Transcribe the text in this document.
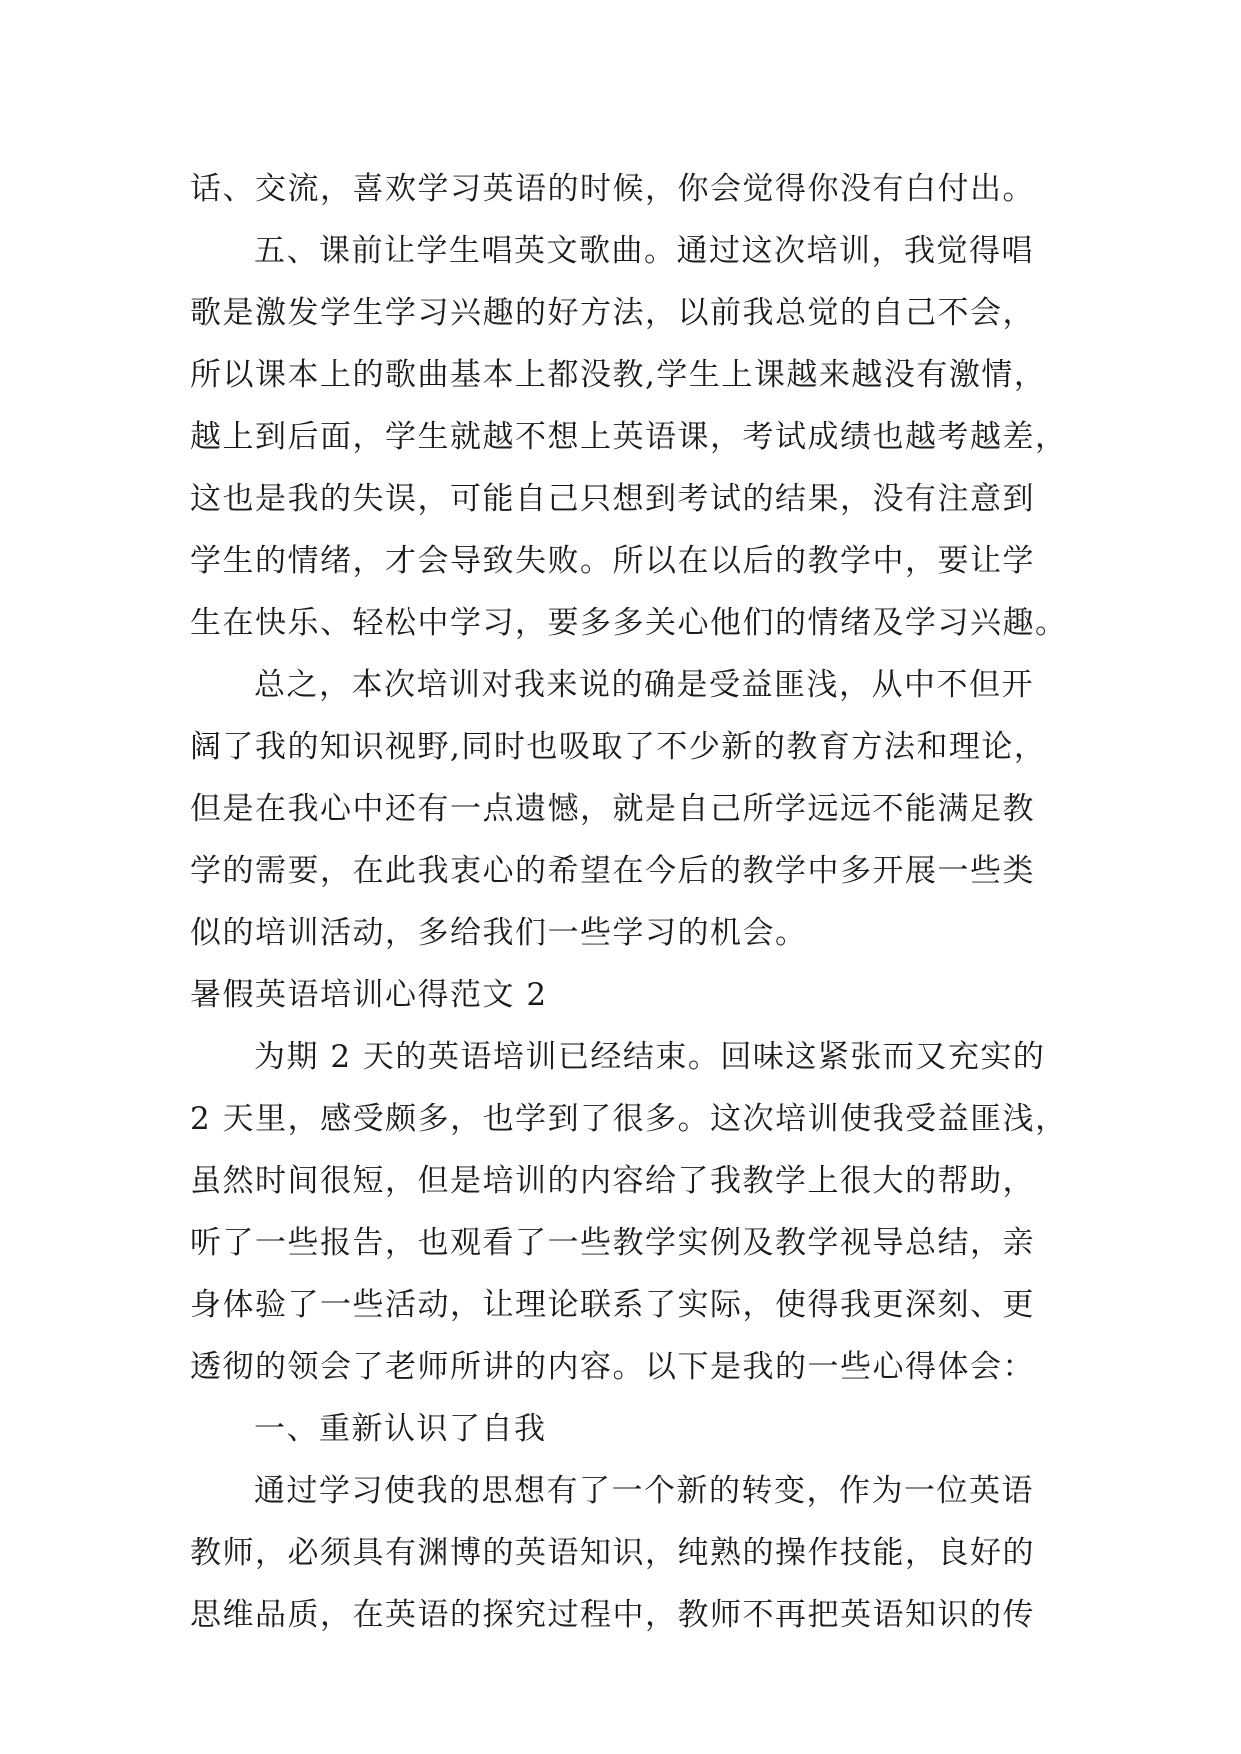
话、交流，喜欢学习英语的时候，你会觉得你没有白付出。
五、课前让学生唱英文歌曲。通过这次培训，我觉得唱
歌是激发学生学习兴趣的好方法，以前我总觉的自己不会，
所以课本上的歌曲基本上都没教,学生上课越来越没有激情，
越上到后面，学生就越不想上英语课，考试成绩也越考越差，
这也是我的失误，可能自己只想到考试的结果，没有注意到
学生的情绪，才会导致失败。所以在以后的教学中，要让学
生在快乐、轻松中学习，要多多关心他们的情绪及学习兴趣。
总之，本次培训对我来说的确是受益匪浅，从中不但开
阔了我的知识视野,同时也吸取了不少新的教育方法和理论，
但是在我心中还有一点遗憾，就是自己所学远远不能满足教
学的需要，在此我衷心的希望在今后的教学中多开展一些类
似的培训活动，多给我们一些学习的机会。
暑假英语培训心得范文 2
为期 2 天的英语培训已经结束。回味这紧张而又充实的
2 天里，感受颇多，也学到了很多。这次培训使我受益匪浅，
虽然时间很短，但是培训的内容给了我教学上很大的帮助，
听了一些报告，也观看了一些教学实例及教学视导总结，亲
身体验了一些活动，让理论联系了实际，使得我更深刻、更
透彻的领会了老师所讲的内容。以下是我的一些心得体会：
一、重新认识了自我
通过学习使我的思想有了一个新的转变，作为一位英语
教师，必须具有渊博的英语知识，纯熟的操作技能，良好的
思维品质，在英语的探究过程中，教师不再把英语知识的传
